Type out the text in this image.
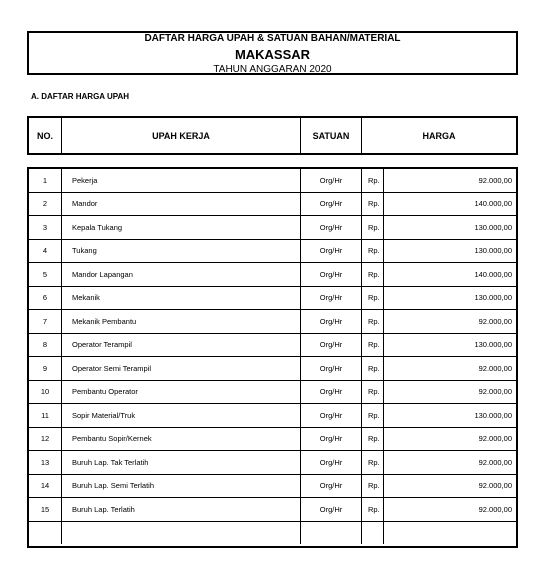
DAFTAR HARGA UPAH & SATUAN BAHAN/MATERIAL
MAKASSAR
TAHUN ANGGARAN 2020
A. DAFTAR HARGA UPAH
NO.	UPAH KERJA	SATUAN	HARGA
1	Pekerja	Org/Hr	Rp.	92.000,00
2	Mandor	Org/Hr	Rp.	140.000,00
3	Kepala Tukang	Org/Hr	Rp.	130.000,00
4	Tukang	Org/Hr	Rp.	130.000,00
5	Mandor Lapangan	Org/Hr	Rp.	140.000,00
6	Mekanik	Org/Hr	Rp.	130.000,00
7	Mekanik Pembantu	Org/Hr	Rp.	92.000,00
8	Operator Terampil	Org/Hr	Rp.	130.000,00
9	Operator Semi Terampil	Org/Hr	Rp.	92.000,00
10	Pembantu Operator	Org/Hr	Rp.	92.000,00
11	Sopir Material/Truk	Org/Hr	Rp.	130.000,00
12	Pembantu Sopir/Kernek	Org/Hr	Rp.	92.000,00
13	Buruh Lap. Tak Terlatih	Org/Hr	Rp.	92.000,00
14	Buruh Lap. Semi Terlatih	Org/Hr	Rp.	92.000,00
15	Buruh Lap. Terlatih	Org/Hr	Rp.	92.000,00
